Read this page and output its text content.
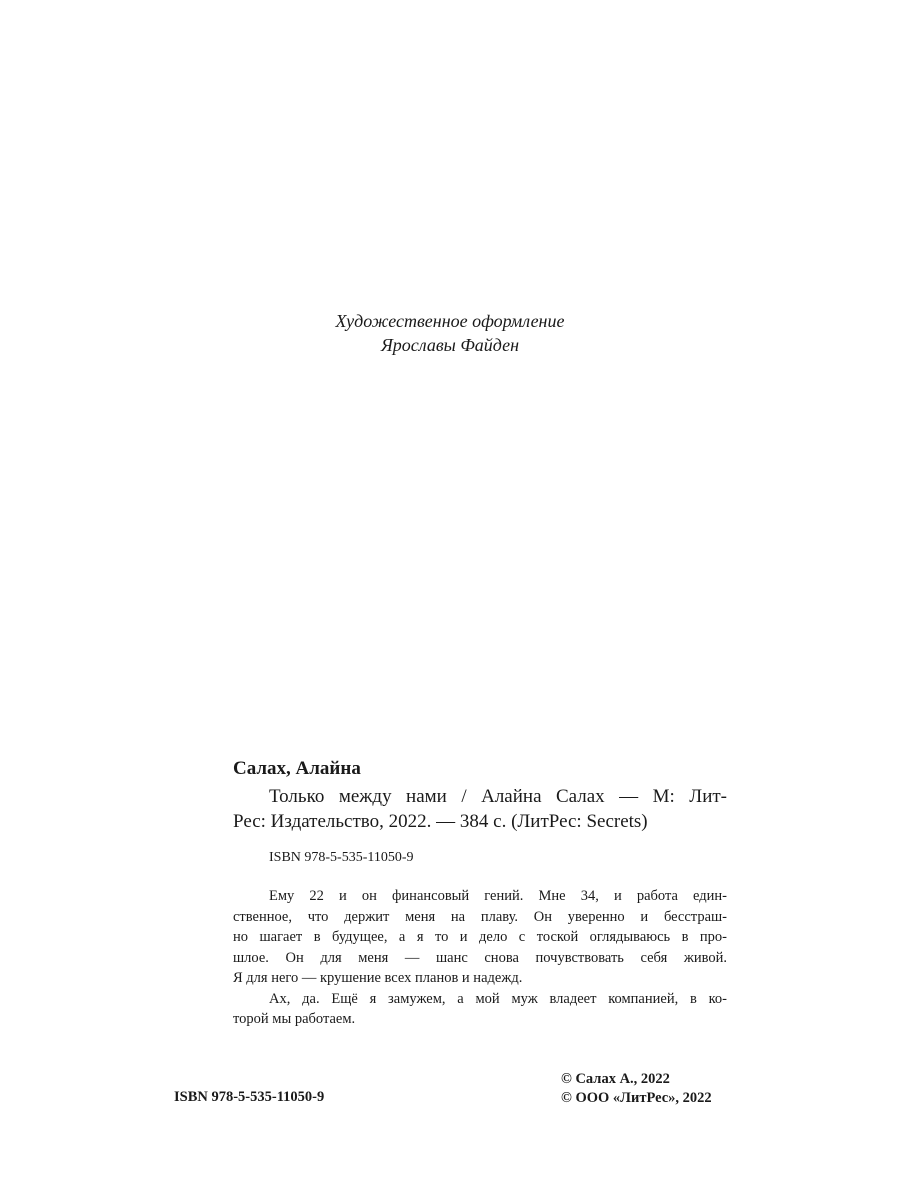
Художественное оформление
Ярославы Файден
Салах, Алайна

Только между нами / Алайна Салах — М: Лит-

Рес: Издательство, 2022. — 384 с. (ЛитРес: Secrets)

ISBN 978-5-535-11050-9
Ему 22 и он финансовый гений. Мне 34, и работа един-
ственное, что держит меня на плаву. Он уверенно и бесстраш-
но шагает в будущее, а я то и дело с тоской оглядываюсь в про-
шлое. Он для меня — шанс снова почувствовать себя живой.
Я для него — крушение всех планов и надежд.
Ах, да. Ещё я замужем, а мой муж владеет компанией, в ко-
торой мы работаем.
ISBN 978-5-535-11050-9
© Салах А., 2022
© ООО «ЛитРес», 2022
